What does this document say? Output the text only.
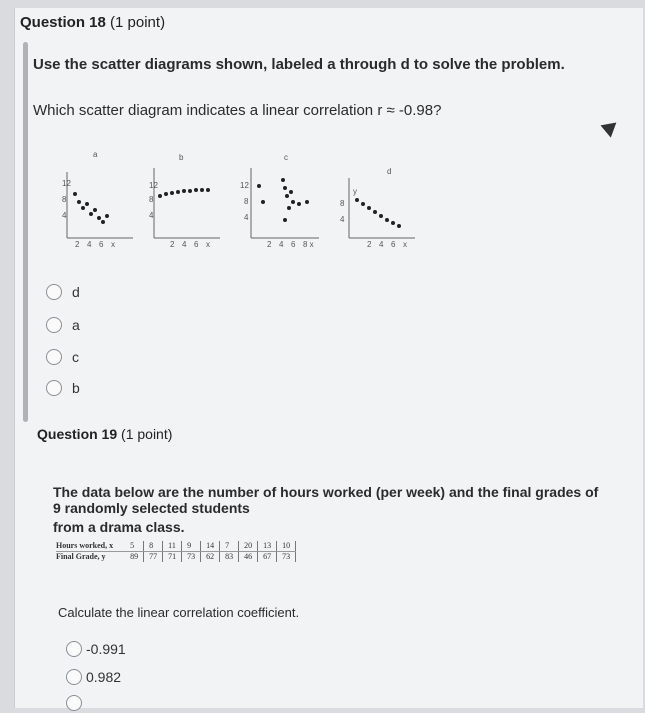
Question 18 (1 point)
Use the scatter diagrams shown, labeled a through d to solve the problem.
Which scatter diagram indicates a linear correlation r ≈ -0.98?
a
12
8
4
2 4 6 x
b
12
8
4
2 4 6 x
c
12
8
4
2 4 6 8 x
d
y
8
4
2 4 6 x
d
a
c
b
Question 19 (1 point)
The data below are the number of hours worked (per week) and the final grades of
9 randomly selected students
from a drama class.
Hours worked, x	5	8	11	9	14	7	20	13	10
Final Grade, y	89	77	71	73	62	83	46	67	73
Calculate the linear correlation coefficient.
-0.991
0.982
